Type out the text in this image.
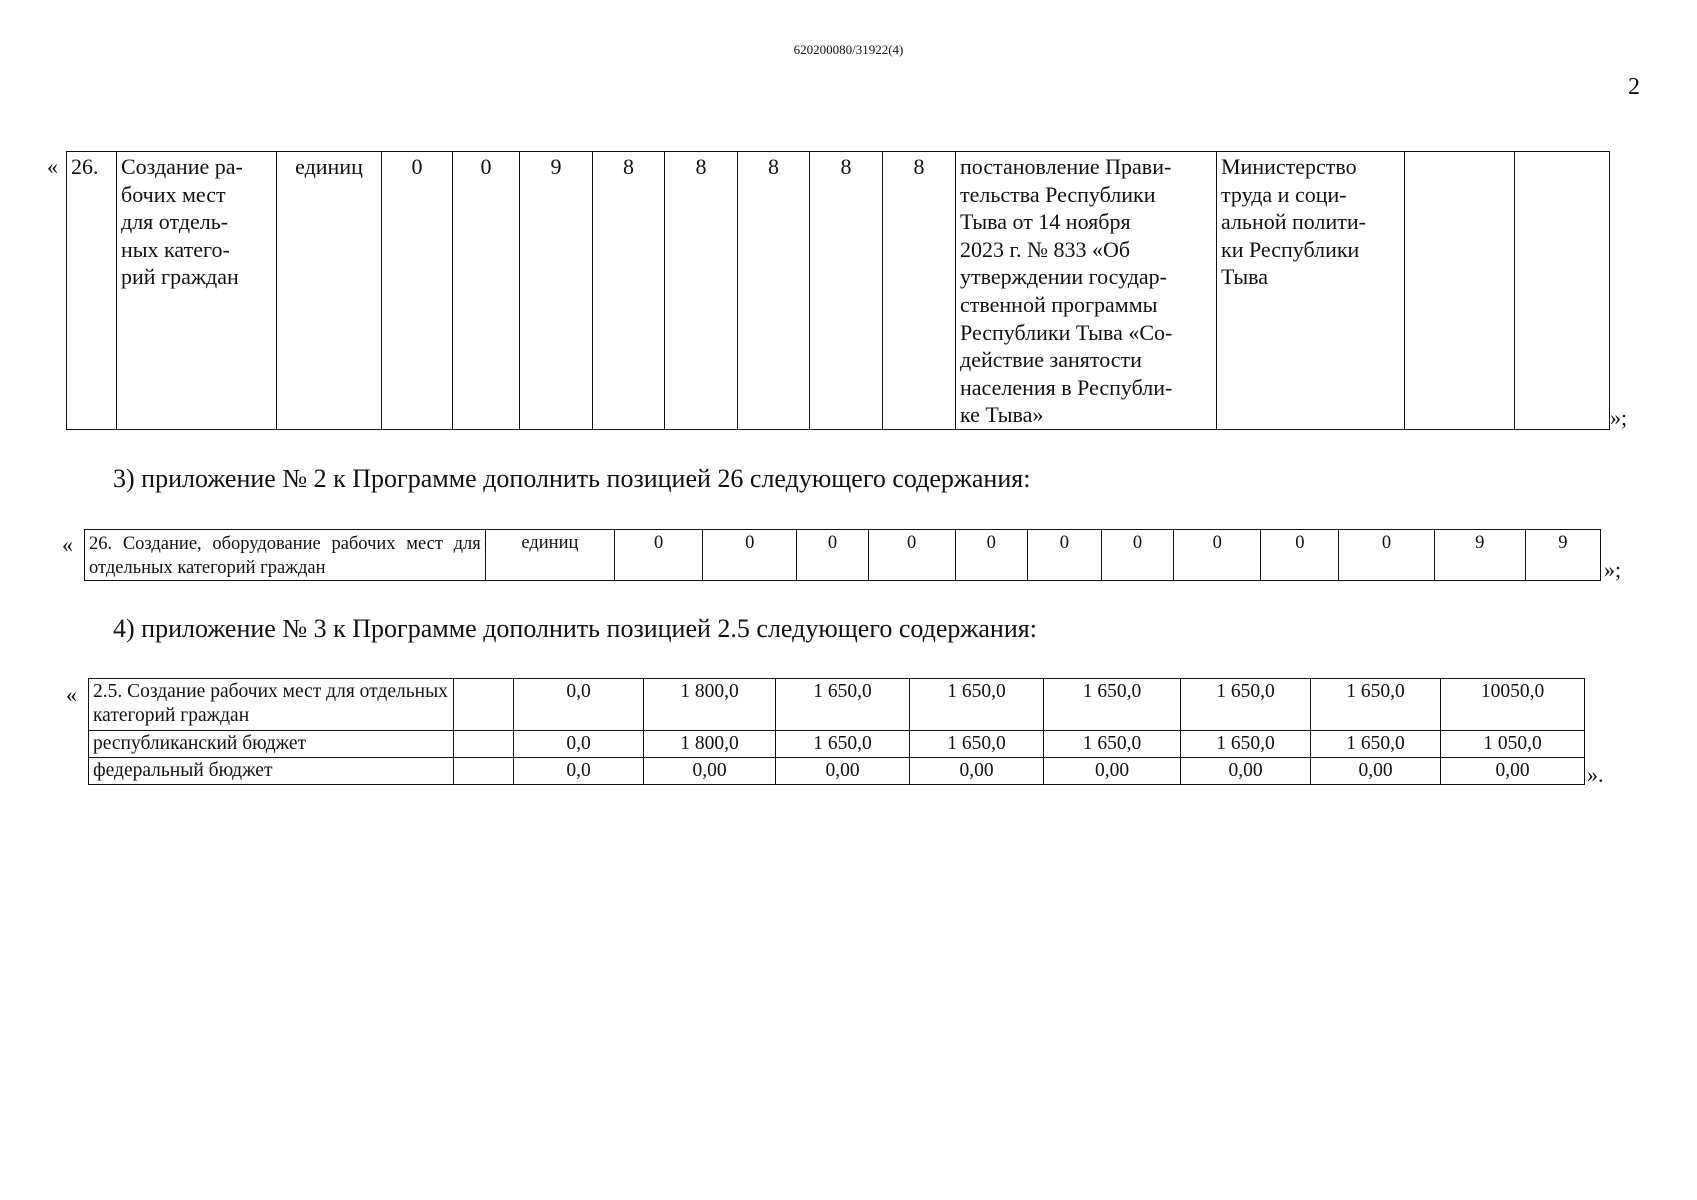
620200080/31922(4)
2
« 26.	Создание ра-
бочих мест
для отдель-
ных катего-
рий граждан	единиц	0	0	9	8	8	8	8	8	постановление Прави-
тельства Республики
Тыва от 14 ноября
2023 г. № 833 «Об
утверждении государ-
ственной программы
Республики Тыва «Со-
действие занятости
населения в Республи-
ке Тыва»	Министерство
труда и соци-
альной полити-
ки Республики
Тыва		
»;
3) приложение № 2 к Программе дополнить позицией 26 следующего содержания:
« 26. Создание, оборудование рабочих мест для отдельных категорий граждан	единиц	0	0	0	0	0	0	0	0	0	0	9	9
»;
4) приложение № 3 к Программе дополнить позицией 2.5 следующего содержания:
« 2.5. Создание рабочих мест для отдельных категорий граждан		0,0	1 800,0	1 650,0	1 650,0	1 650,0	1 650,0	1 650,0	10050,0
республиканский бюджет		0,0	1 800,0	1 650,0	1 650,0	1 650,0	1 650,0	1 650,0	1 050,0
федеральный бюджет		0,0	0,00	0,00	0,00	0,00	0,00	0,00	0,00	».
